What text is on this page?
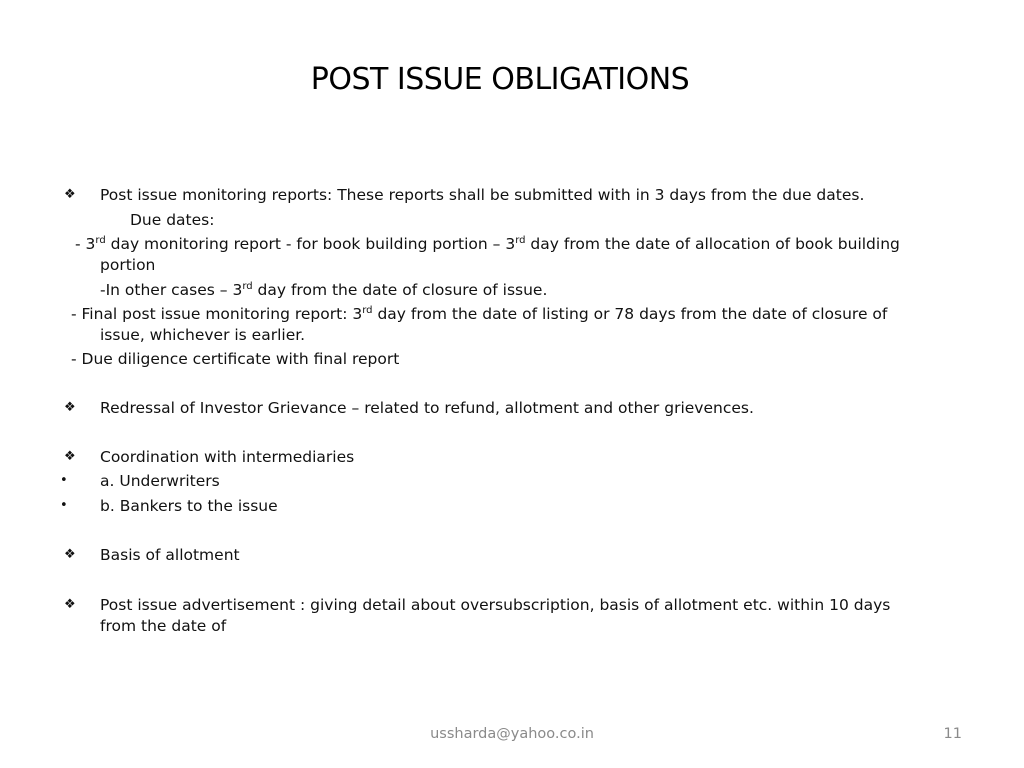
POST ISSUE OBLIGATIONS
❖ Post issue monitoring reports: These reports shall be submitted with in 3 days from the due dates.
Due dates:
- 3rd day monitoring report - for book building portion – 3rd day from the date of allocation of book building
portion
-In other cases – 3rd day from the date of closure of issue.
- Final post issue monitoring report: 3rd day from the date of listing or 78 days from the date of closure of
issue, whichever is earlier.
- Due diligence certificate with final report
❖ Redressal of Investor Grievance – related to refund, allotment and other grievences.
❖ Coordination with intermediaries
• a. Underwriters
• b. Bankers to the issue
❖ Basis of allotment
❖ Post issue advertisement : giving detail about oversubscription, basis of allotment etc. within 10 days
from the date of
ussharda@yahoo.co.in	11
